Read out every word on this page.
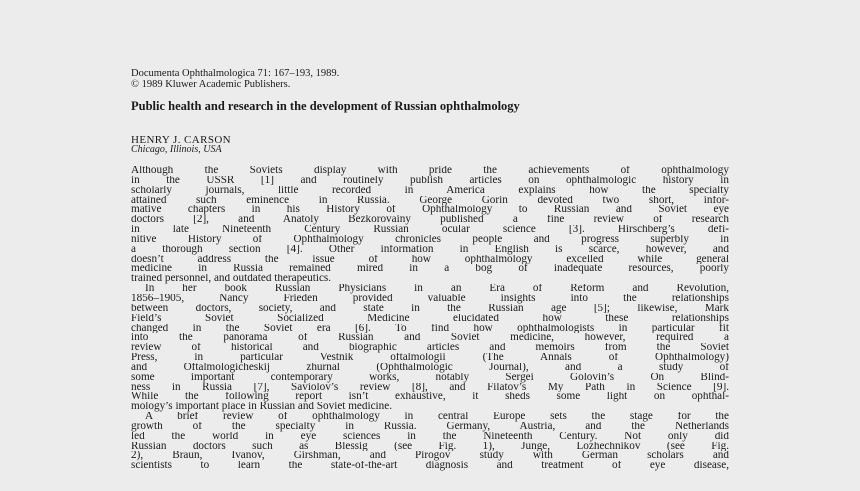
Documenta Ophthalmologica 71: 167–193, 1989.
© 1989 Kluwer Academic Publishers.
Public health and research in the development of Russian ophthalmology
HENRY J. CARSON
Chicago, Illinois, USA
Although the Soviets display with pride the achievements of ophthalmology
in the USSR [1] and routinely publish articles on ophthalmologic history in
scholarly journals, little recorded in America explains how the specialty
attained such eminence in Russia. George Gorin devoted two short, infor-
mative chapters in his History of Ophthalmology to Russian and Soviet eye
doctors [2], and Anatoly Bezkorovainy published a fine review of research
in late Nineteenth Century Russian ocular science [3]. Hirschberg’s defi-
nitive History of Ophthalmology chronicles people and progress superbly in
a thorough section [4]. Other information in English is scarce, however, and
doesn’t address the issue of how ophthalmology excelled while general
medicine in Russia remained mired in a bog of inadequate resources, poorly
trained personnel, and outdated therapeutics.
In her book Russian Physicians in an Era of Reform and Revolution,
1856–1905, Nancy Frieden provided valuable insights into the relationships
between doctors, society, and state in the Russian age [5]; likewise, Mark
Field’s Soviet Socialized Medicine elucidated how these relationships
changed in the Soviet era [6]. To find how ophthalmologists in particular fit
into the panorama of Russian and Soviet medicine, however, required a
review of historical and biographic articles and memoirs from the Soviet
Press, in particular Vestnik oftalmologii (The Annals of Ophthalmology)
and Oftalmologicheskij zhurnal (Ophthalmologic Journal), and a study of
some important contemporary works, notably Sergei Golovin’s On Blind-
ness in Russia [7], Saviolov’s review [8], and Filatov’s My Path in Science [9].
While the following report isn’t exhaustive, it sheds some light on ophthal-
mology’s important place in Russian and Soviet medicine.
A brief review of ophthalmology in central Europe sets the stage for the
growth of the specialty in Russia. Germany, Austria, and the Netherlands
led the world in eye sciences in the Nineteenth Century. Not only did
Russian doctors such as Blessig (see Fig. 1), Junge, Lozhechnikov (see Fig.
2), Braun, Ivanov, Girshman, and Pirogov study with German scholars and
scientists to learn the state-of-the-art diagnosis and treatment of eye disease,
